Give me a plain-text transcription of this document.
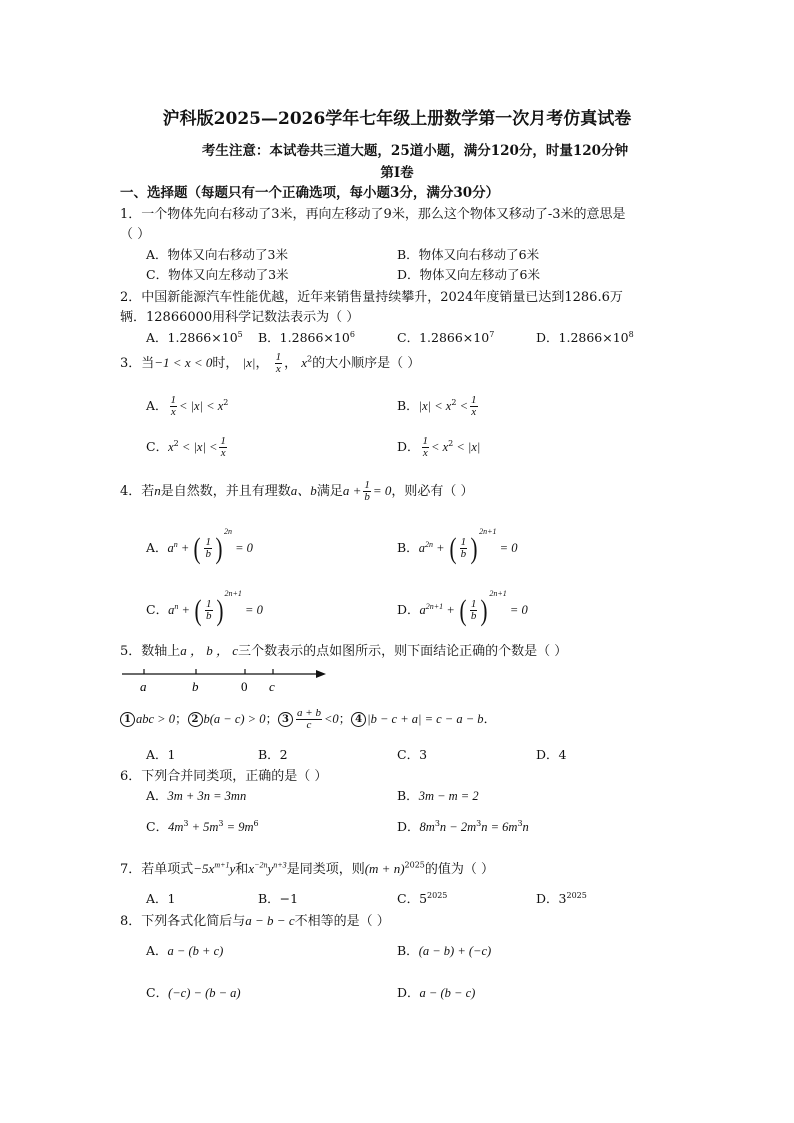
沪科版2025—2026学年七年级上册数学第一次月考仿真试卷
考生注意：本试卷共三道大题，25道小题，满分120分，时量120分钟
第Ⅰ卷
一、选择题（每题只有一个正确选项，每小题3分，满分30分）
1．一个物体先向右移动了3米，再向左移动了9米，那么这个物体又移动了-3米的意思是
（ ）
A．物体又向右移动了3米	B．物体又向右移动了6米
C．物体又向左移动了3米	D．物体又向左移动了6米
2．中国新能源汽车性能优越，近年来销售量持续攀升，2024年度销量已达到1286.6万
辆．12866000用科学记数法表示为（ ）
A．$1.2866\times 10^5$ B．$1.2866\times 10^6$	C．$1.2866\times 10^7$	D．$1.2866\times 10^8$
3．当−1 < x < 0时， |x|， $\frac{1}{x}$ ， $x^2$的大小顺序是（ ）
A． $\frac{1}{x} < |x| < x^2$	B．$|x| < x^2 < \frac{1}{x}$
C．$x^2 < |x| < \frac{1}{x}$	D． $\frac{1}{x} < x^2 < |x|$
4．若n是自然数，并且有理数a、b满足$a + \frac{1}{b} = 0$，则必有（ ）
A．$a^n$ + ( $\frac{1}{b}$ ) $^{2n}$ = 0	B．$a^{2n}$ + ( $\frac{1}{b}$ ) $^{2n+1}$ = 0
C．$a^n$ + ( $\frac{1}{b}$ ) $^{2n+1}$ = 0	D．$a^{2n+1}$ + ( $\frac{1}{b}$ ) $^{2n+1}$ = 0
5．数轴上a ， b ， c三个数表示的点如图所示，则下面结论正确的个数是（ ）
a	b	0 c
1 abc > 0； 2 b(a − c) > 0； $3 \frac{a + b}{c} <0$； 4 |b − c + a| = c − a − b．
A．1	B．2	C．3	D．4
6．下列合并同类项，正确的是（ ）
A．3m + 3n = 3mn	B．3m − m = 2
C．$4m^3 + 5m^3 = 9m^6$	D．$8m^3n - 2m^3n = 6m^3n$
7．若单项式$-5x^{m+1}y$和$x^{-2n}y^{n+3}$是同类项，则$(m + n)^{2025}$的值为（ ）
A．1	B．−1	C．$5^{2025}$	D．$3^{2025}$
8．下列各式化简后与a − b − c不相等的是（ ）
A．a − (b + c)	B．(a − b) + (−c)
C．(−c) − (b − a)	D．a − (b − c)
